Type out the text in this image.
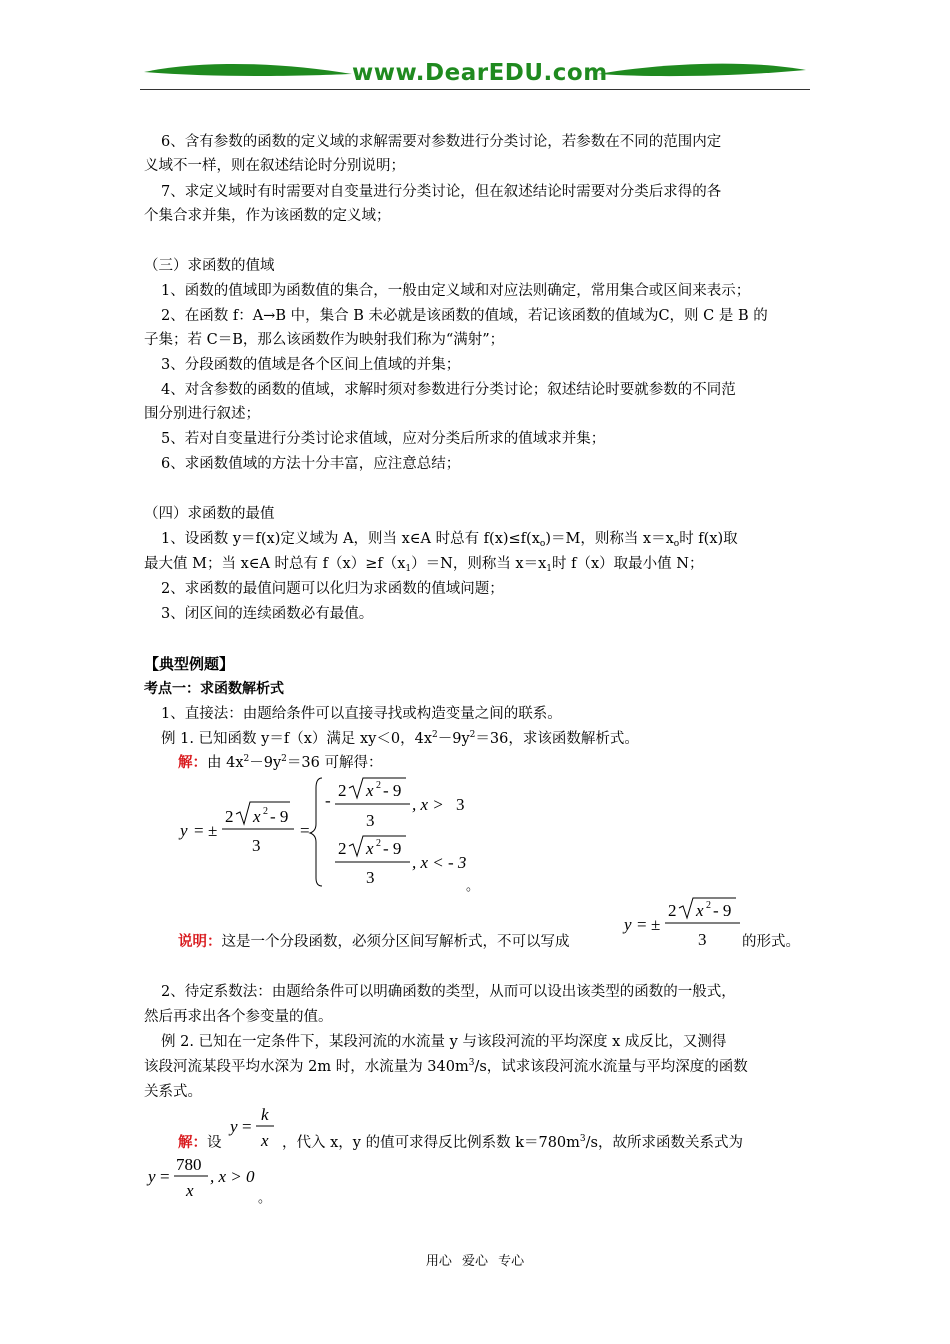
www.DearEDU.com
6、含有参数的函数的定义域的求解需要对参数进行分类讨论，若参数在不同的范围内定
义域不一样，则在叙述结论时分别说明；
7、求定义域时有时需要对自变量进行分类讨论，但在叙述结论时需要对分类后求得的各
个集合求并集，作为该函数的定义域；
（三）求函数的值域
1、函数的值域即为函数值的集合，一般由定义域和对应法则确定，常用集合或区间来表示；
2、在函数 f：A→B 中，集合 B 未必就是该函数的值域，若记该函数的值域为C，则 C 是 B 的
子集；若 C＝B，那么该函数作为映射我们称为“满射”；
3、分段函数的值域是各个区间上值域的并集；
4、对含参数的函数的值域，求解时须对参数进行分类讨论；叙述结论时要就参数的不同范
围分别进行叙述；
5、若对自变量进行分类讨论求值域，应对分类后所求的值域求并集；
6、求函数值域的方法十分丰富，应注意总结；
（四）求函数的最值
1、设函数 y＝f(x)定义域为 A，则当 x∈A 时总有 $f(x)\le f(x_o)=M$，则称当 $x=x_o$时 f(x)取
最大值 M；当 x∈A 时总有 $f(x)\ge f(x_1)=N$，则称当 $x=x_1$时 f（x）取最小值 N；
2、求函数的最值问题可以化归为求函数的值域问题；
3、闭区间的连续函数必有最值。
【典型例题】
考点一：求函数解析式
1、直接法：由题给条件可以直接寻找或构造变量之间的联系。
例 1. 已知函数 y＝f（x）满足 xy＜0，$4x^2-9y^2=36$，求该函数解析式。
解：由 $4x^2-9y^2=36$ 可解得：
y = ±
2 x 2 - 9
3
=
-
2 x 2 - 9
3
, x > 3
2 x 2 - 9
3
, x < - 3
。
说明：这是一个分段函数，必须分区间写解析式，不可以写成
y = ±
2 x 2 - 9
3 的形式。
2、待定系数法：由题给条件可以明确函数的类型，从而可以设出该类型的函数的一般式，
然后再求出各个参变量的值。
例 2. 已知在一定条件下，某段河流的水流量 y 与该段河流的平均深度 x 成反比，又测得
该段河流某段平均水深为 2m 时，水流量为 $340m^3/s$，试求该段河流水流量与平均深度的函数
关系式。
解：设
y =
k
x ，代入 x，y 的值可求得反比例系数 $k=780m^3/s$，故所求函数关系式为
y =
780
x
, x > 0
。
用心 爱心 专心
